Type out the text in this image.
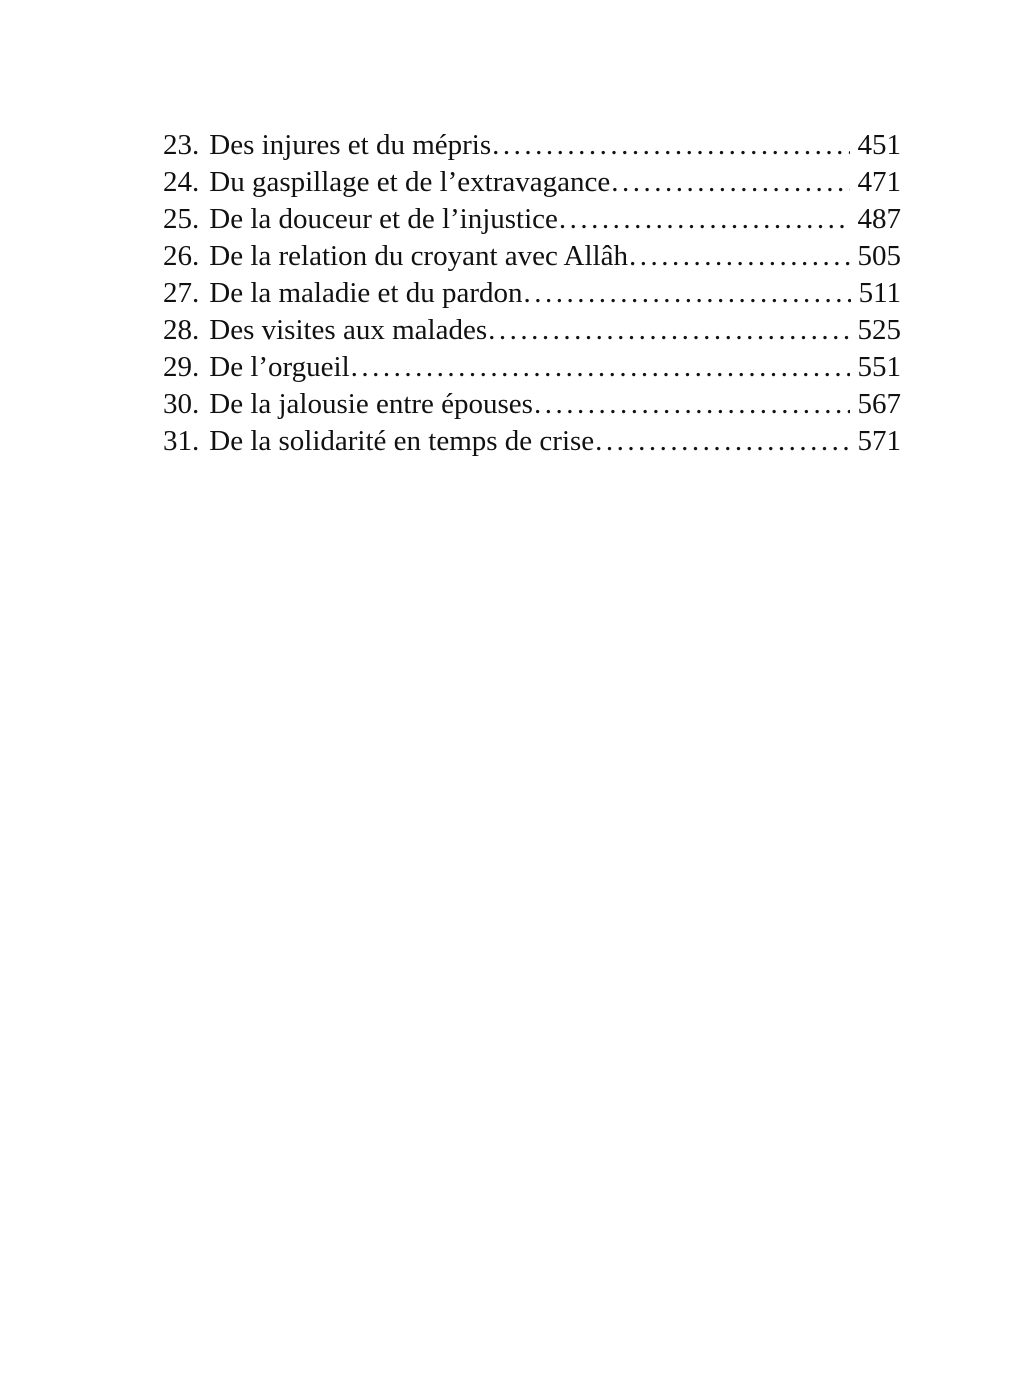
23. Des injures et du mépris .....	451
24. Du gaspillage et de l’extravagance .....	471
25. De la douceur et de l’injustice .....	487
26. De la relation du croyant avec Allâh .....	505
27. De la maladie et du pardon .....	511
28. Des visites aux malades .....	525
29. De l’orgueil .....	551
30. De la jalousie entre épouses .....	567
31. De la solidarité en temps de crise .....	571
